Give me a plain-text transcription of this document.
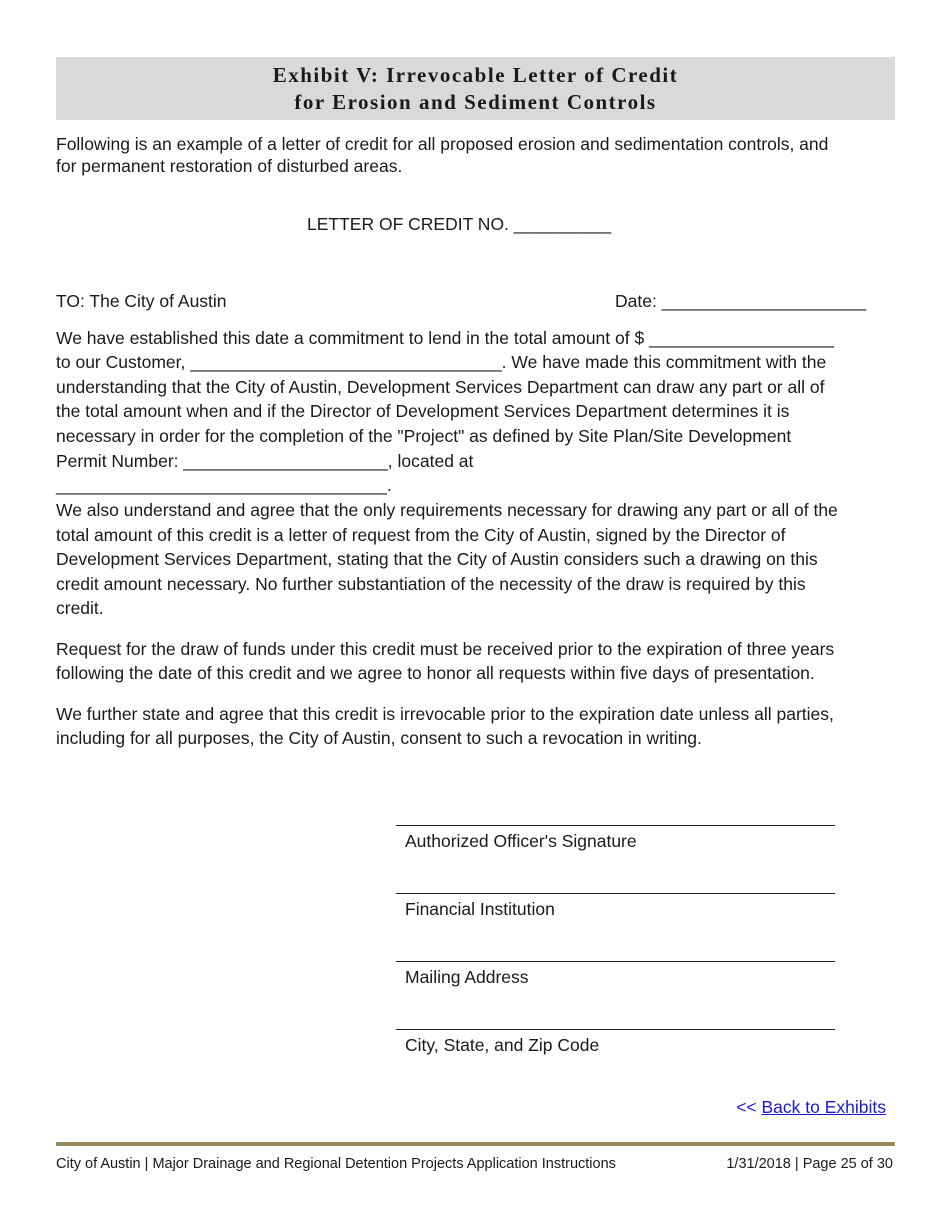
Exhibit V: Irrevocable Letter of Credit
for Erosion and Sediment Controls
Following is an example of a letter of credit for all proposed erosion and sedimentation controls, and
for permanent restoration of disturbed areas.
LETTER OF CREDIT NO. __________
TO: The City of Austin	Date: _____________________
We have established this date a commitment to lend in the total amount of $ ___________________
to our Customer, ________________________________. We have made this commitment with the
understanding that the City of Austin, Development Services Department can draw any part or all of
the total amount when and if the Director of Development Services Department determines it is
necessary in order for the completion of the "Project" as defined by Site Plan/Site Development
Permit Number: _____________________, located at
__________________________________.
We also understand and agree that the only requirements necessary for drawing any part or all of the
total amount of this credit is a letter of request from the City of Austin, signed by the Director of
Development Services Department, stating that the City of Austin considers such a drawing on this
credit amount necessary. No further substantiation of the necessity of the draw is required by this
credit.
Request for the draw of funds under this credit must be received prior to the expiration of three years
following the date of this credit and we agree to honor all requests within five days of presentation.
We further state and agree that this credit is irrevocable prior to the expiration date unless all parties,
including for all purposes, the City of Austin, consent to such a revocation in writing.
Authorized Officer's Signature
Financial Institution
Mailing Address
City, State, and Zip Code
<< Back to Exhibits
City of Austin | Major Drainage and Regional Detention Projects Application Instructions	1/31/2018 | Page 25 of 30
